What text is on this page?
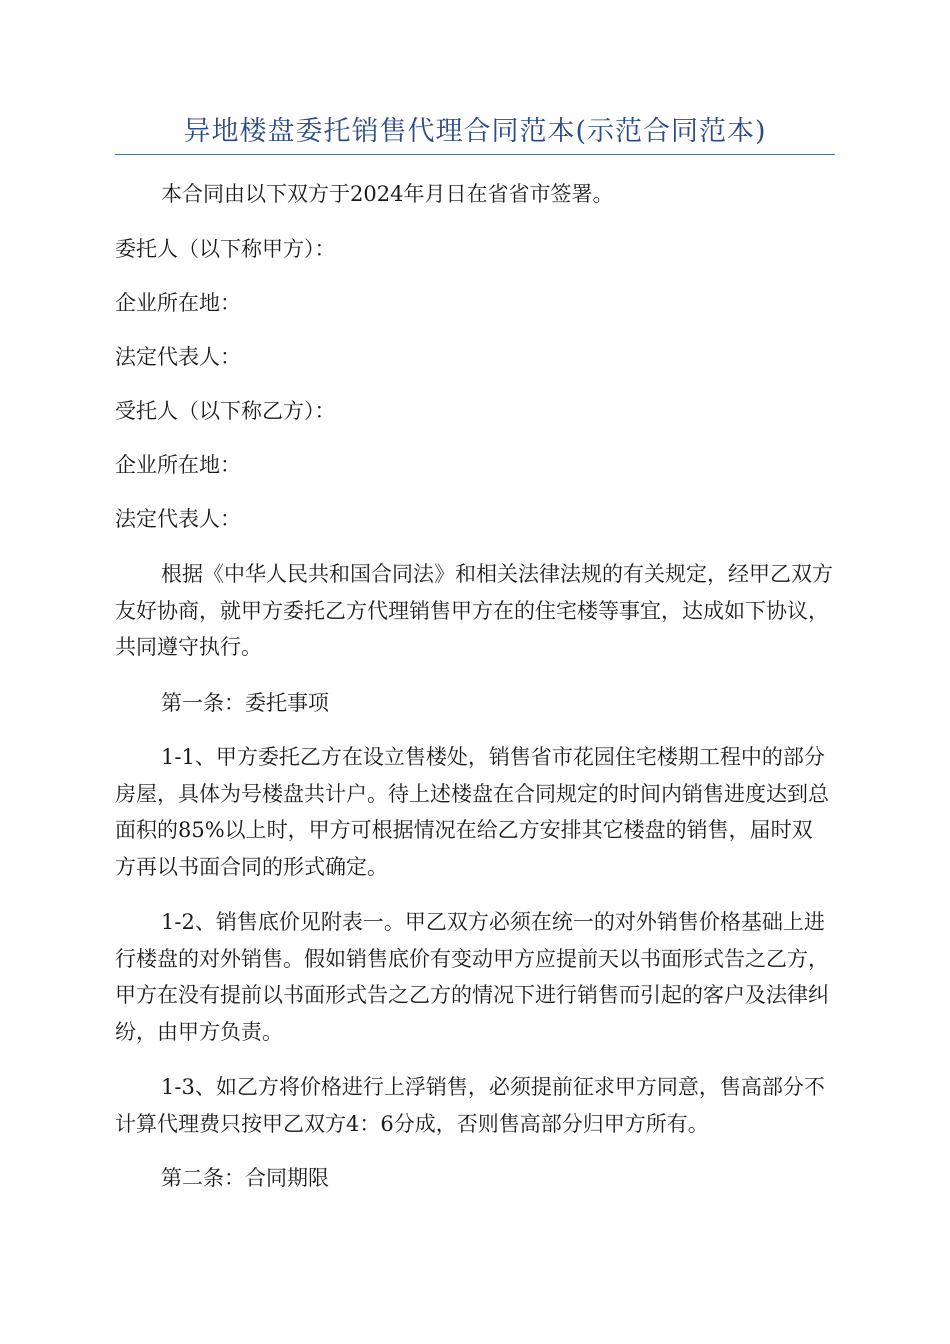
异地楼盘委托销售代理合同范本(示范合同范本)

本合同由以下双方于2024年月日在省省市签署。

委托人（以下称甲方）：

企业所在地：

法定代表人：

受托人（以下称乙方）：

企业所在地：

法定代表人：

根据《中华人民共和国合同法》和相关法律法规的有关规定，经甲乙双方友好协商，就甲方委托乙方代理销售甲方在的住宅楼等事宜，达成如下协议，共同遵守执行。

第一条：委托事项

1-1、甲方委托乙方在设立售楼处，销售省市花园住宅楼期工程中的部分房屋，具体为号楼盘共计户。待上述楼盘在合同规定的时间内销售进度达到总面积的85%以上时，甲方可根据情况在给乙方安排其它楼盘的销售，届时双方再以书面合同的形式确定。

1-2、销售底价见附表一。甲乙双方必须在统一的对外销售价格基础上进行楼盘的对外销售。假如销售底价有变动甲方应提前天以书面形式告之乙方，甲方在没有提前以书面形式告之乙方的情况下进行销售而引起的客户及法律纠纷，由甲方负责。

1-3、如乙方将价格进行上浮销售，必须提前征求甲方同意，售高部分不计算代理费只按甲乙双方4：6分成，否则售高部分归甲方所有。

第二条：合同期限
